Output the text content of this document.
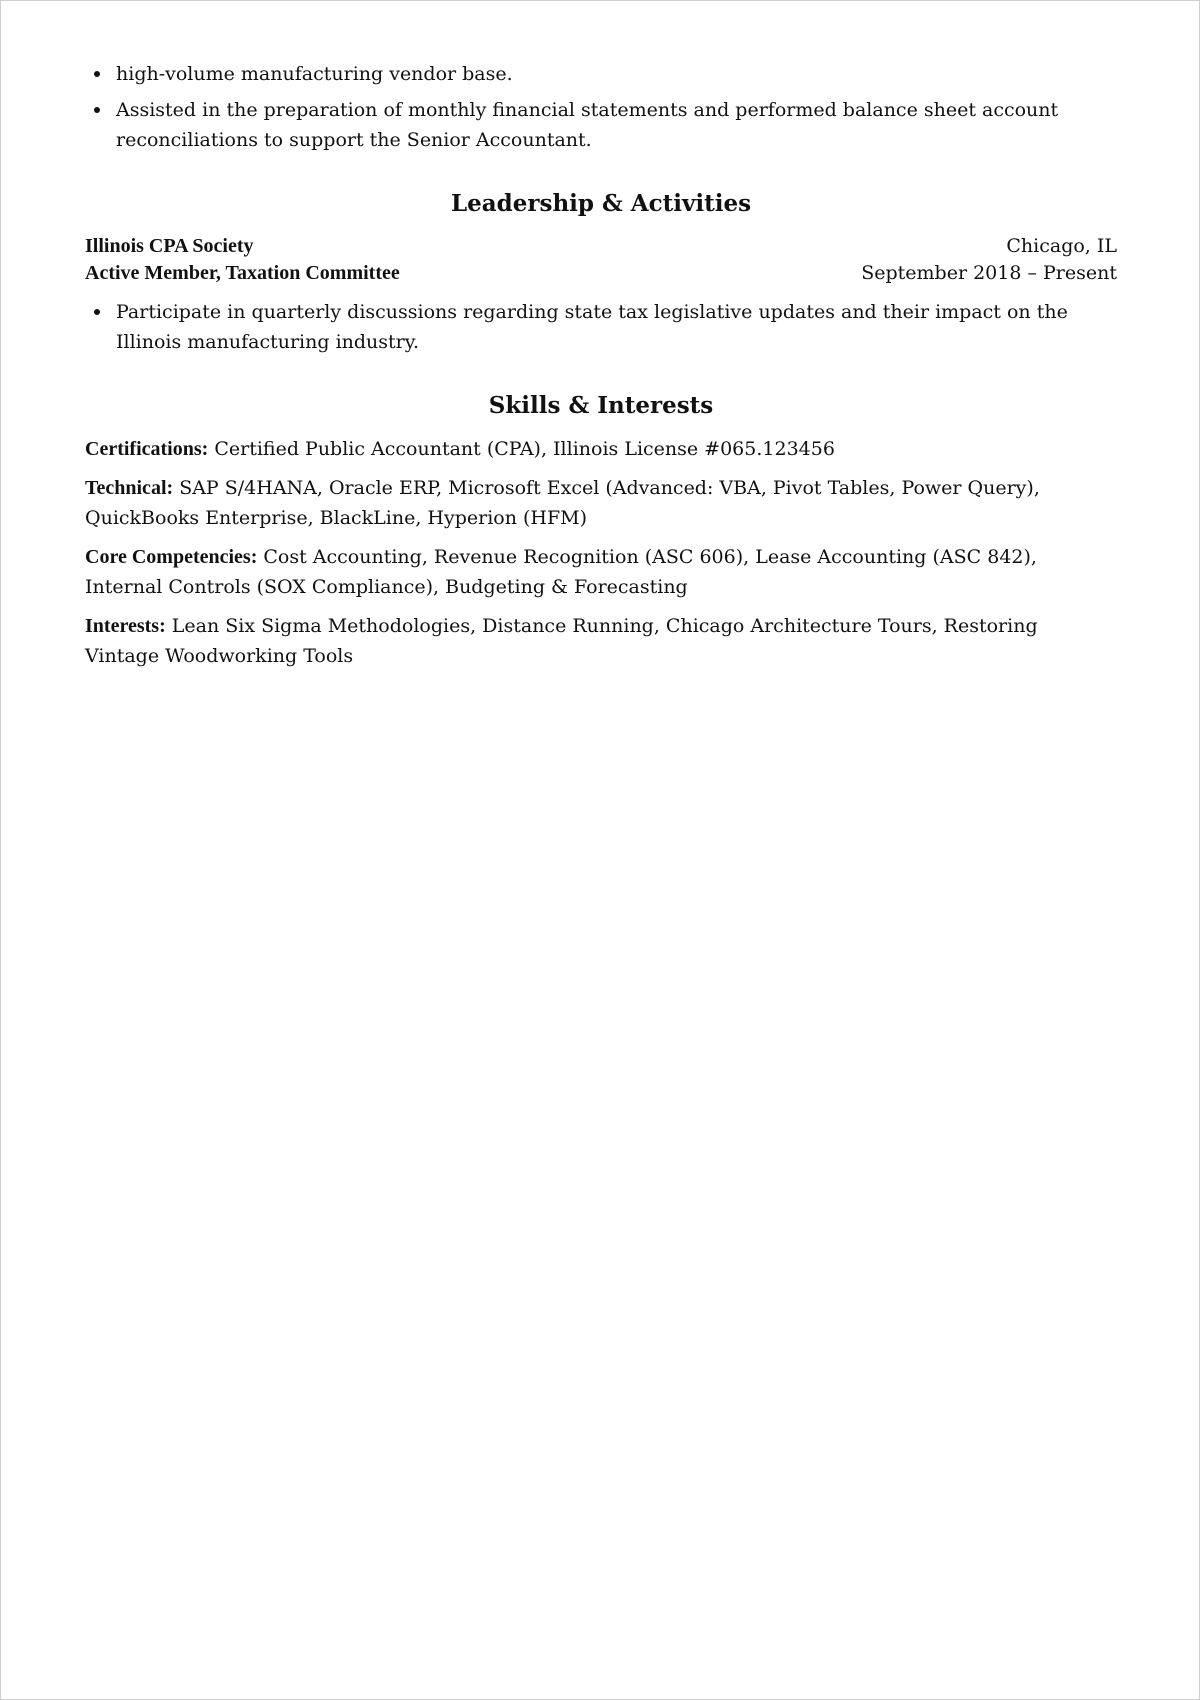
high-volume manufacturing vendor base.
Assisted in the preparation of monthly financial statements and performed balance sheet account reconciliations to support the Senior Accountant.
Leadership & Activities
Illinois CPA Society	Chicago, IL
Active Member, Taxation Committee	September 2018 – Present
Participate in quarterly discussions regarding state tax legislative updates and their impact on the Illinois manufacturing industry.
Skills & Interests

Certifications: Certified Public Accountant (CPA), Illinois License #065.123456

Technical: SAP S/4HANA, Oracle ERP, Microsoft Excel (Advanced: VBA, Pivot Tables, Power Query), QuickBooks Enterprise, BlackLine, Hyperion (HFM)

Core Competencies: Cost Accounting, Revenue Recognition (ASC 606), Lease Accounting (ASC 842), Internal Controls (SOX Compliance), Budgeting & Forecasting

Interests: Lean Six Sigma Methodologies, Distance Running, Chicago Architecture Tours, Restoring Vintage Woodworking Tools
